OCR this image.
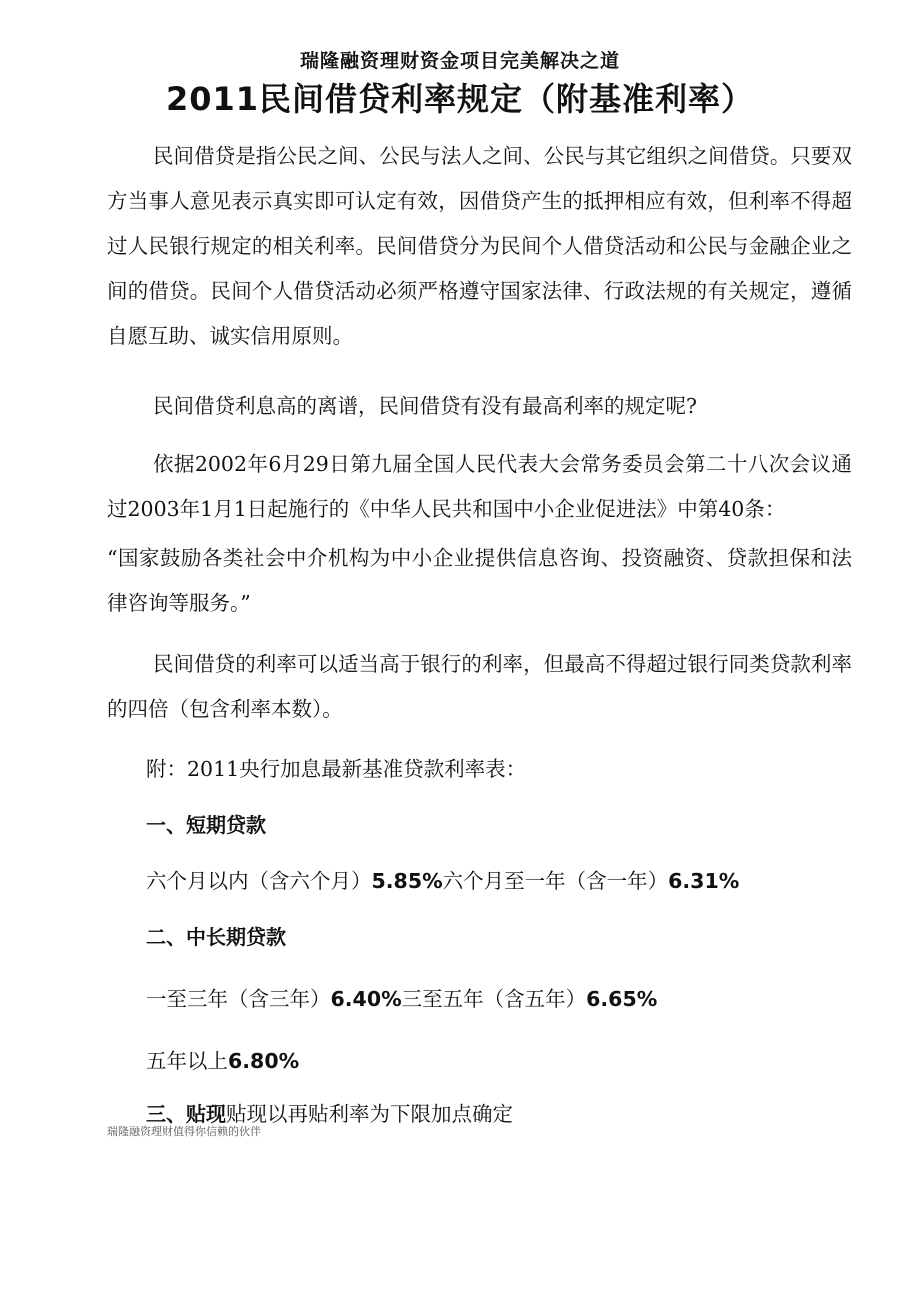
瑞隆融资理财资金项目完美解决之道
2011民间借贷利率规定（附基准利率）

民间借贷是指公民之间、公民与法人之间、公民与其它组织之间借贷。只要双方当事人意见表示真实即可认定有效，因借贷产生的抵押相应有效，但利率不得超过人民银行规定的相关利率。民间借贷分为民间个人借贷活动和公民与金融企业之间的借贷。民间个人借贷活动必须严格遵守国家法律、行政法规的有关规定，遵循自愿互助、诚实信用原则。

民间借贷利息高的离谱，民间借贷有没有最高利率的规定呢?

依据2002年6月29日第九届全国人民代表大会常务委员会第二十八次会议通过2003年1月1日起施行的《中华人民共和国中小企业促进法》中第40条：

“国家鼓励各类社会中介机构为中小企业提供信息咨询、投资融资、贷款担保和法律咨询等服务。”

民间借贷的利率可以适当高于银行的利率，但最高不得超过银行同类贷款利率的四倍（包含利率本数）。

附：2011央行加息最新基准贷款利率表：

一、短期贷款

六个月以内（含六个月）5.85%六个月至一年（含一年）6.31%

二、中长期贷款

一至三年（含三年）6.40%三至五年（含五年）6.65%

五年以上6.80%

三、贴现贴现以再贴利率为下限加点确定

瑞隆融资理财值得你信赖的伙伴
